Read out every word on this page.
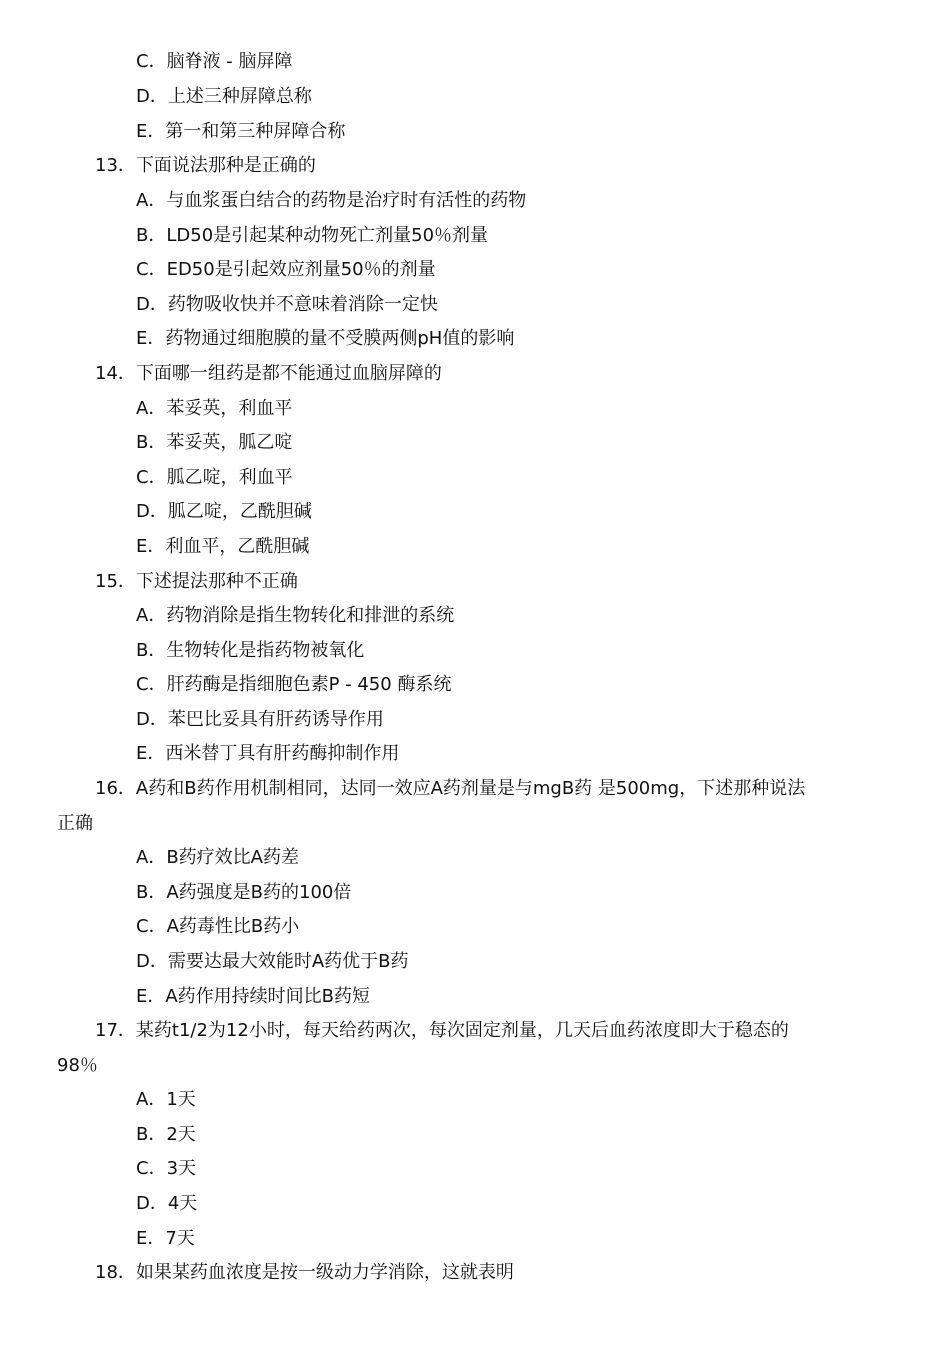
C．脑脊液 - 脑屏障
D．上述三种屏障总称
E．第一和第三种屏障合称
13．下面说法那种是正确的
A．与血浆蛋白结合的药物是治疗时有活性的药物
B．LD50是引起某种动物死亡剂量50％剂量
C．ED50是引起效应剂量50％的剂量
D．药物吸收快并不意味着消除一定快
E．药物通过细胞膜的量不受膜两侧pH值的影响
14．下面哪一组药是都不能通过血脑屏障的
A．苯妥英，利血平
B．苯妥英，胍乙啶
C．胍乙啶，利血平
D．胍乙啶，乙酰胆碱
E．利血平，乙酰胆碱
15．下述提法那种不正确
A．药物消除是指生物转化和排泄的系统
B．生物转化是指药物被氧化
C．肝药酶是指细胞色素P - 450 酶系统
D．苯巴比妥具有肝药诱导作用
E．西米替丁具有肝药酶抑制作用
16．A药和B药作用机制相同，达同一效应A药剂量是与mgB药 是500mg，下述那种说法
正确
A．B药疗效比A药差
B．A药强度是B药的100倍
C．A药毒性比B药小
D．需要达最大效能时A药优于B药
E．A药作用持续时间比B药短
17．某药t1/2为12小时，每天给药两次，每次固定剂量，几天后血药浓度即大于稳态的
98％
A．1天
B．2天
C．3天
D．4天
E．7天
18．如果某药血浓度是按一级动力学消除，这就表明
